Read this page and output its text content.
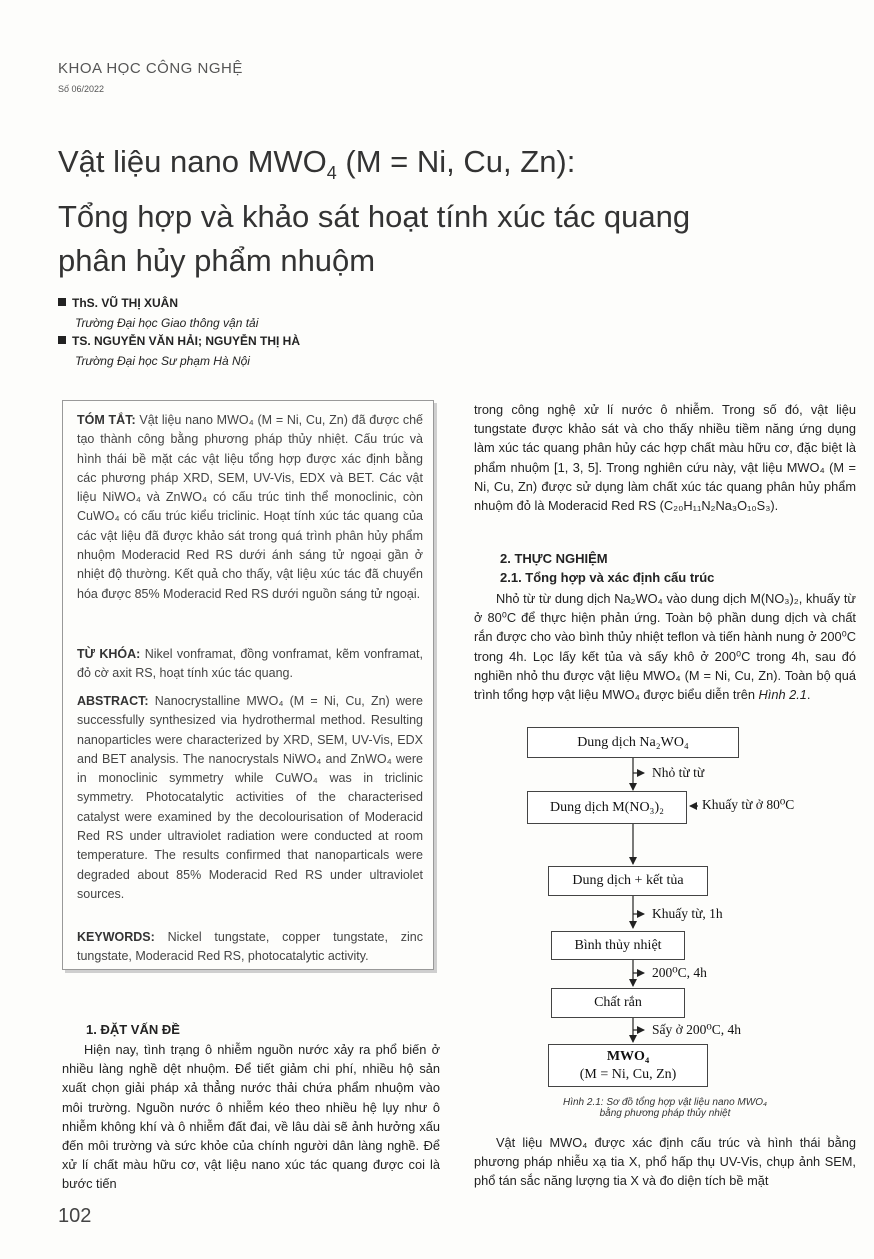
KHOA HỌC CÔNG NGHỆ
Số 06/2022
Vật liệu nano $MWO_4$ (M = Ni, Cu, Zn):
Tổng hợp và khảo sát hoạt tính xúc tác quang
phân hủy phẩm nhuộm
ThS. VŨ THỊ XUÂN
Trường Đại học Giao thông vận tải
TS. NGUYỄN VĂN HẢI; NGUYỄN THỊ HÀ
Trường Đại học Sư phạm Hà Nội
TÓM TẮT: Vật liệu nano MWO₄ (M = Ni, Cu, Zn) đã được chế tạo thành công bằng phương pháp thủy nhiệt. Cấu trúc và hình thái bề mặt các vật liệu tổng hợp được xác định bằng các phương pháp XRD, SEM, UV-Vis, EDX và BET. Các vật liệu NiWO₄ và ZnWO₄ có cấu trúc tinh thể monoclinic, còn CuWO₄ có cấu trúc kiểu triclinic. Hoạt tính xúc tác quang của các vật liệu đã được khảo sát trong quá trình phân hủy phẩm nhuộm Moderacid Red RS dưới ánh sáng tử ngoại gần ở nhiệt độ thường. Kết quả cho thấy, vật liệu xúc tác đã chuyển hóa được 85% Moderacid Red RS dưới nguồn sáng tử ngoại.
TỪ KHÓA: Nikel vonframat, đồng vonframat, kẽm vonframat, đỏ cờ axit RS, hoạt tính xúc tác quang.
ABSTRACT: Nanocrystalline MWO₄ (M = Ni, Cu, Zn) were successfully synthesized via hydrothermal method. Resulting nanoparticles were characterized by XRD, SEM, UV-Vis, EDX and BET analysis. The nanocrystals NiWO₄ and ZnWO₄ were in monoclinic symmetry while CuWO₄ was in triclinic symmetry. Photocatalytic activities of the characterised catalyst were examined by the decolourisation of Moderacid Red RS under ultraviolet radiation were conducted at room temperature. The results confirmed that nanoparticals were degraded about 85% Moderacid Red RS under ultraviolet sources.
KEYWORDS: Nickel tungstate, copper tungstate, zinc tungstate, Moderacid Red RS, photocatalytic activity.
1. ĐẶT VẤN ĐỀ
Hiện nay, tình trạng ô nhiễm nguồn nước xảy ra phổ biến ở nhiều làng nghề dệt nhuộm. Để tiết giảm chi phí, nhiều hộ sản xuất chọn giải pháp xả thẳng nước thải chứa phẩm nhuộm vào môi trường. Nguồn nước ô nhiễm kéo theo nhiều hệ lụy như ô nhiễm không khí và ô nhiễm đất đai, về lâu dài sẽ ảnh hưởng xấu đến môi trường và sức khỏe của chính người dân làng nghề. Để xử lí chất màu hữu cơ, vật liệu nano xúc tác quang được coi là bước tiến
trong công nghệ xử lí nước ô nhiễm. Trong số đó, vật liệu tungstate được khảo sát và cho thấy nhiều tiềm năng ứng dụng làm xúc tác quang phân hủy các hợp chất màu hữu cơ, đặc biệt là phẩm nhuộm [1, 3, 5]. Trong nghiên cứu này, vật liệu MWO₄ (M = Ni, Cu, Zn) được sử dụng làm chất xúc tác quang phân hủy phẩm nhuộm đỏ là Moderacid Red RS (C₂₀H₁₁N₂Na₃O₁₀S₃).
2. THỰC NGHIỆM
2.1. Tổng hợp và xác định cấu trúc
Nhỏ từ từ dung dịch Na₂WO₄ vào dung dịch M(NO₃)₂, khuấy từ ở 80⁰C để thực hiện phản ứng. Toàn bộ phần dung dịch và chất rắn được cho vào bình thủy nhiệt teflon và tiến hành nung ở 200⁰C trong 4h. Lọc lấy kết tủa và sấy khô ở 200⁰C trong 4h, sau đó nghiền nhỏ thu được vật liệu MWO₄ (M = Ni, Cu, Zn). Toàn bộ quá trình tổng hợp vật liệu MWO₄ được biểu diễn trên Hình 2.1.
Dung dịch Na₂WO₄
Nhỏ từ từ
Dung dịch M(NO₃)₂	Khuấy từ ở 80⁰C
Dung dịch + kết tủa
Khuấy từ, 1h
Bình thủy nhiệt
200⁰C, 4h
Chất rắn
Sấy ở 200⁰C, 4h
MWO₄
(M = Ni, Cu, Zn)
Hình 2.1: Sơ đồ tổng hợp vật liệu nano MWO₄
bằng phương pháp thủy nhiệt
Vật liệu MWO₄ được xác định cấu trúc và hình thái bằng phương pháp nhiễu xạ tia X, phổ hấp thụ UV-Vis, chụp ảnh SEM, phổ tán sắc năng lượng tia X và đo diện tích bề mặt
102
